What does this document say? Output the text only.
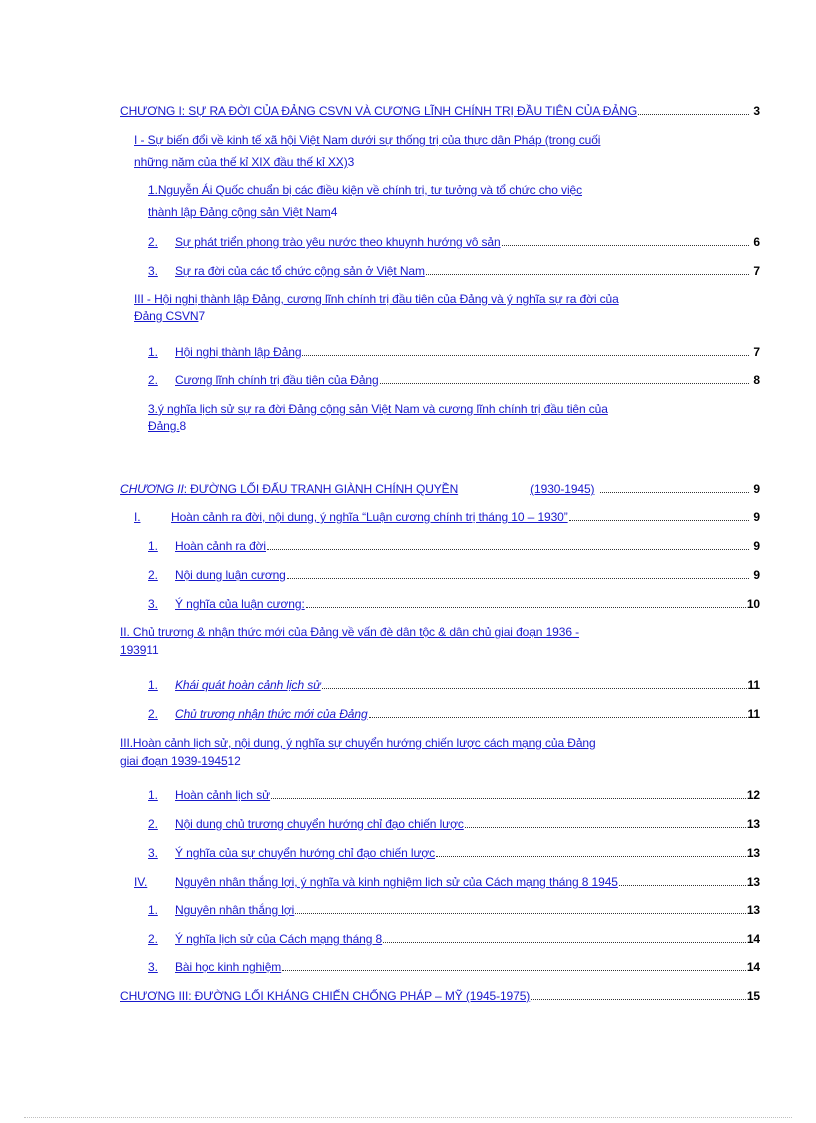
CHƯƠNG I: SỰ RA ĐỜI CỦA ĐẢNG CSVN VÀ CƯƠNG LĨNH CHÍNH TRỊ ĐẦU TIÊN CỦA ĐẢNG	3
I - Sự biến đổi về kinh tế xã hội Việt Nam dưới sự thống trị của thực dân Pháp (trong cuối
những năm của thế kỉ XIX đầu thế kỉ XX) 3
1.Nguyễn Ái Quốc chuẩn bị các điều kiện về chính trị, tư tưởng và tổ chức cho việc
thành lập Đảng cộng sản Việt Nam 4
2.	Sự phát triển phong trào yêu nước theo khuynh hướng vô sản	6
3.	Sự ra đời của các tổ chức cộng sản ở Việt Nam	7
III - Hội nghị thành lập Đảng, cương lĩnh chính trị đầu tiên của Đảng và ý nghĩa sự ra đời của
Đảng CSVN 7
1.	Hội nghị thành lập Đảng	7
2.	Cương lĩnh chính trị đầu tiên của Đảng	8
3.ý nghĩa lịch sử sự ra đời Đảng cộng sản Việt Nam và cương lĩnh chính trị đầu tiên của
Đảng. 8
CHƯƠNG II : ĐƯỜNG LỐI ĐẤU TRANH GIÀNH CHÍNH QUYỀN	(1930-1945)	9
I.	Hoàn cảnh ra đời, nội dung, ý nghĩa “Luận cương chính trị tháng 10 – 1930”	9
1.	Hoàn cảnh ra đời	9
2.	Nội dung luận cương	9
3.	Ý nghĩa của luận cương:	10
II. Chủ trương & nhận thức mới của Đảng về vấn đè dân tộc & dân chủ giai đoạn 1936 -
1939 11
1.	Khái quát hoàn cảnh lịch sử	11
2.	Chủ trương nhận thức mới của Đảng	11
III.Hoàn cảnh lịch sử, nội dung, ý nghĩa sự chuyển hướng chiến lược cách mạng của Đảng
giai đoạn 1939-1945 12
1.	Hoàn cảnh lịch sử	12
2.	Nội dung chủ trương chuyển hướng chỉ đạo chiến lược	13
3.	Ý nghĩa của sự chuyển hướng chỉ đạo chiến lược	13
IV.	Nguyên nhân thắng lợi, ý nghĩa và kinh nghiệm lịch sử của Cách mạng tháng 8 1945	13
1.	Nguyên nhân thắng lợi	13
2.	Ý nghĩa lịch sử của Cách mạng tháng 8	14
3.	Bài học kinh nghiệm	14
CHƯƠNG III: ĐƯỜNG LỐI KHÁNG CHIẾN CHỐNG PHÁP – MỸ (1945-1975)	15
